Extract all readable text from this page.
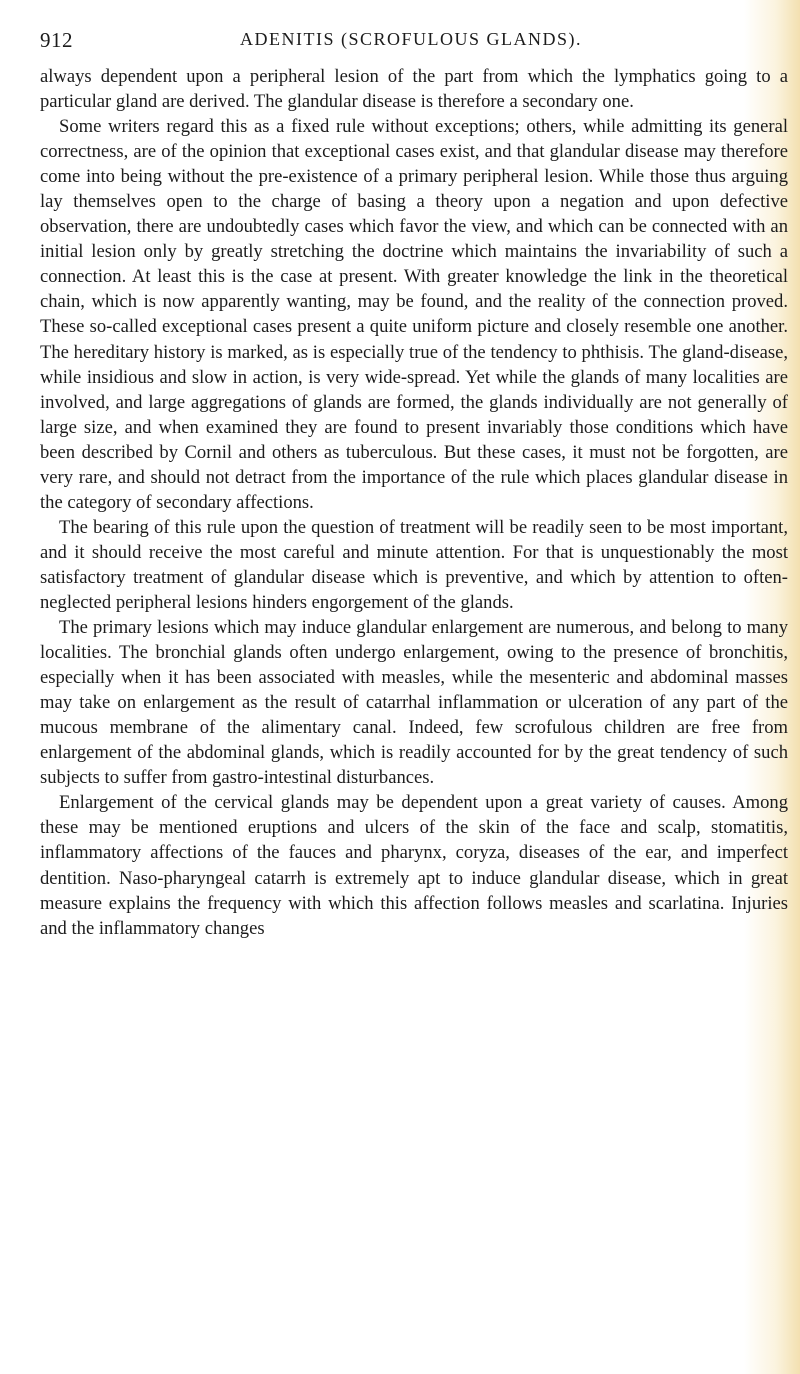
912	ADENITIS (SCROFULOUS GLANDS).

always dependent upon a peripheral lesion of the part from which the lymphatics going to a particular gland are derived. The glandular disease is therefore a secondary one.

Some writers regard this as a fixed rule without exceptions; others, while admitting its general correctness, are of the opinion that exceptional cases exist, and that glandular disease may therefore come into being without the pre-existence of a primary peripheral lesion. While those thus arguing lay themselves open to the charge of basing a theory upon a negation and upon defective observation, there are undoubtedly cases which favor the view, and which can be connected with an initial lesion only by greatly stretching the doctrine which maintains the invariability of such a connection. At least this is the case at present. With greater knowledge the link in the theoretical chain, which is now apparently wanting, may be found, and the reality of the connection proved. These so-called exceptional cases present a quite uniform picture and closely resemble one another. The hereditary history is marked, as is especially true of the tendency to phthisis. The gland-disease, while insidious and slow in action, is very wide-spread. Yet while the glands of many localities are involved, and large aggregations of glands are formed, the glands individually are not generally of large size, and when examined they are found to present invariably those conditions which have been described by Cornil and others as tuberculous. But these cases, it must not be forgotten, are very rare, and should not detract from the importance of the rule which places glandular disease in the category of secondary affections.

The bearing of this rule upon the question of treatment will be readily seen to be most important, and it should receive the most careful and minute attention. For that is unquestionably the most satisfactory treatment of glandular disease which is preventive, and which by attention to often-neglected peripheral lesions hinders engorgement of the glands.

The primary lesions which may induce glandular enlargement are numerous, and belong to many localities. The bronchial glands often undergo enlargement, owing to the presence of bronchitis, especially when it has been associated with measles, while the mesenteric and abdominal masses may take on enlargement as the result of catarrhal inflammation or ulceration of any part of the mucous membrane of the alimentary canal. Indeed, few scrofulous children are free from enlargement of the abdominal glands, which is readily accounted for by the great tendency of such subjects to suffer from gastro-intestinal disturbances.

Enlargement of the cervical glands may be dependent upon a great variety of causes. Among these may be mentioned eruptions and ulcers of the skin of the face and scalp, stomatitis, inflammatory affections of the fauces and pharynx, coryza, diseases of the ear, and imperfect dentition. Naso-pharyngeal catarrh is extremely apt to induce glandular disease, which in great measure explains the frequency with which this affection follows measles and scarlatina. Injuries and the inflammatory changes
